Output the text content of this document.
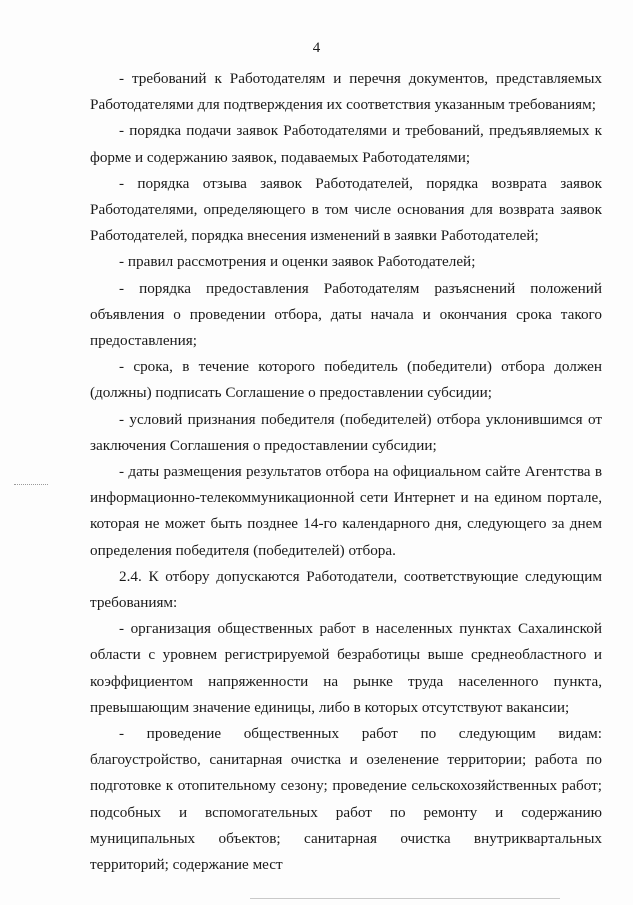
4

- требований к Работодателям и перечня документов, представляемых Работодателями для подтверждения их соответствия указанным требованиям;

- порядка подачи заявок Работодателями и требований, предъявляемых к форме и содержанию заявок, подаваемых Работодателями;

- порядка отзыва заявок Работодателей, порядка возврата заявок Работодателями, определяющего в том числе основания для возврата заявок Работодателей, порядка внесения изменений в заявки Работодателей;

- правил рассмотрения и оценки заявок Работодателей;

- порядка предоставления Работодателям разъяснений положений объявления о проведении отбора, даты начала и окончания срока такого предоставления;

- срока, в течение которого победитель (победители) отбора должен (должны) подписать Соглашение о предоставлении субсидии;

- условий признания победителя (победителей) отбора уклонившимся от заключения Соглашения о предоставлении субсидии;

- даты размещения результатов отбора на официальном сайте Агентства в информационно-телекоммуникационной сети Интернет и на едином портале, которая не может быть позднее 14-го календарного дня, следующего за днем определения победителя (победителей) отбора.

2.4. К отбору допускаются Работодатели, соответствующие следующим требованиям:

- организация общественных работ в населенных пунктах Сахалинской области с уровнем регистрируемой безработицы выше среднеобластного и коэффициентом напряженности на рынке труда населенного пункта, превышающим значение единицы, либо в которых отсутствуют вакансии;

- проведение общественных работ по следующим видам: благоустройство, санитарная очистка и озеленение территории; работа по подготовке к отопительному сезону; проведение сельскохозяйственных работ; подсобных и вспомогательных работ по ремонту и содержанию муниципальных объектов; санитарная очистка внутриквартальных территорий; содержание мест
